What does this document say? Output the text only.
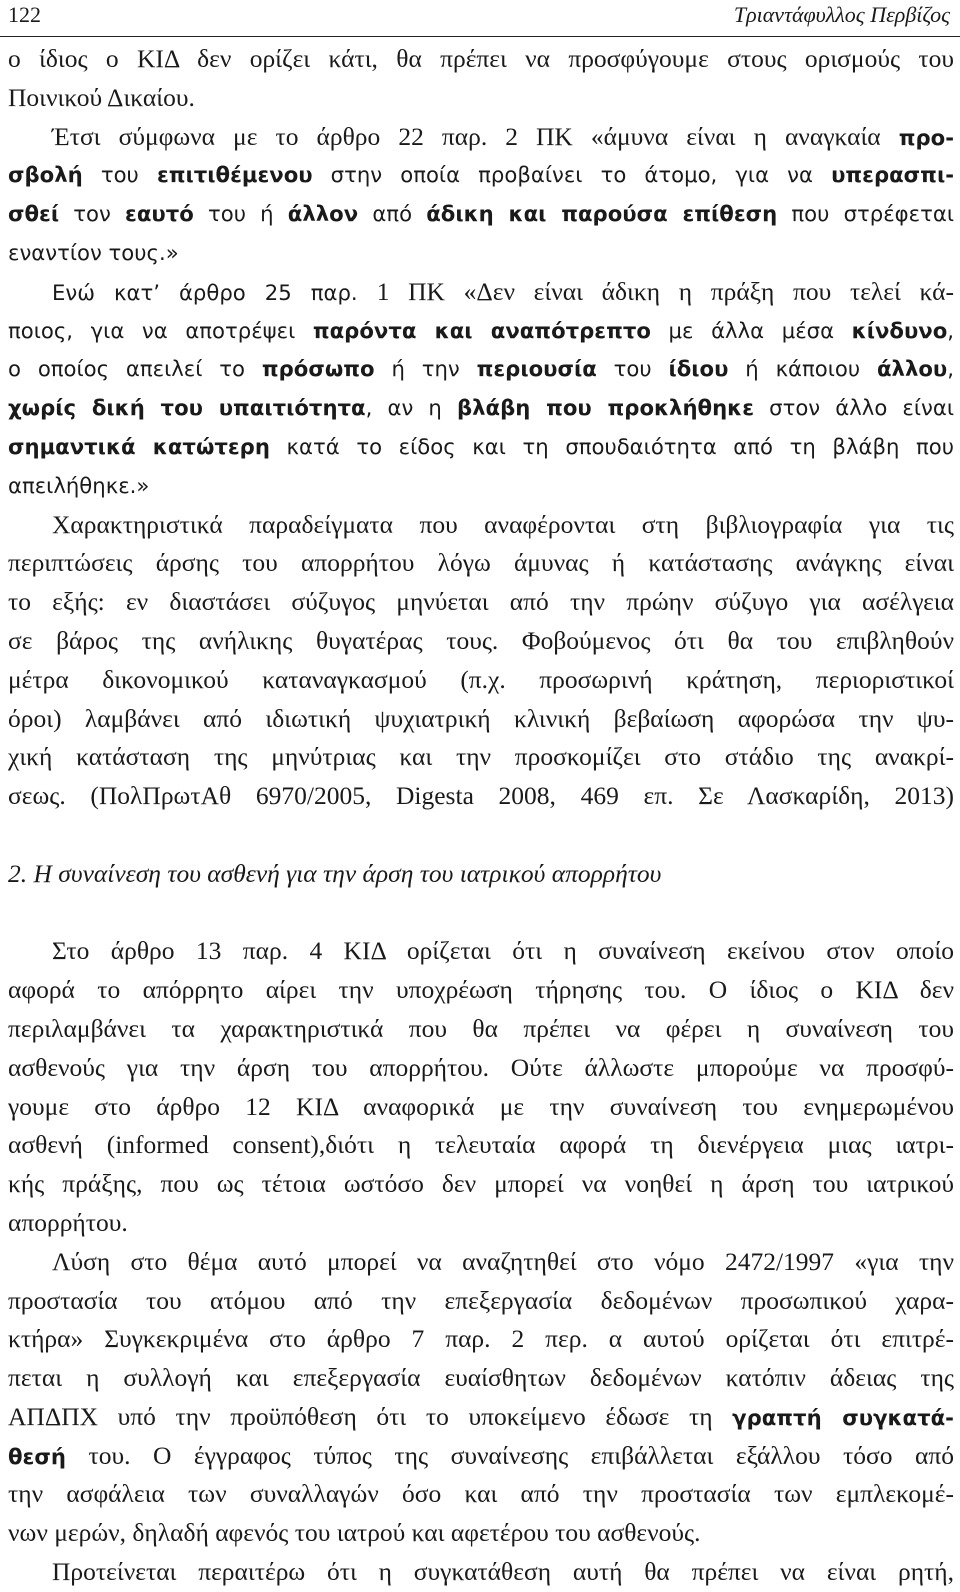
122	Τριαντάφυλλος Περβίζος
ο ίδιος ο ΚΙΔ δεν ορίζει κάτι, θα πρέπει να προσφύγουμε στους ορισμούς του
Ποινικού Δικαίου.
Έτσι σύμφωνα με το άρθρο 22 παρ. 2 ΠΚ «άμυνα είναι η αναγκαία προ-
σβολή του επιτιθέμενου στην οποία προβαίνει το άτομο, για να υπερασπι-
σθεί τον εαυτό του ή άλλον από άδικη και παρούσα επίθεση που στρέφεται
εναντίον τους.»
Ενώ κατ’ άρθρο 25 παρ. 1 ΠΚ «Δεν είναι άδικη η πράξη που τελεί κά-
ποιος, για να αποτρέψει παρόντα και αναπότρεπτο με άλλα μέσα κίνδυνο,
ο οποίος απειλεί το πρόσωπο ή την περιουσία του ίδιου ή κάποιου άλλου,
χωρίς δική του υπαιτιότητα, αν η βλάβη που προκλήθηκε στον άλλο είναι
σημαντικά κατώτερη κατά το είδος και τη σπουδαιότητα από τη βλάβη που
απειλήθηκε.»
Χαρακτηριστικά παραδείγματα που αναφέρονται στη βιβλιογραφία για τις
περιπτώσεις άρσης του απορρήτου λόγω άμυνας ή κατάστασης ανάγκης είναι
το εξής: εν διαστάσει σύζυγος μηνύεται από την πρώην σύζυγο για ασέλγεια
σε βάρος της ανήλικης θυγατέρας τους. Φοβούμενος ότι θα του επιβληθούν
μέτρα δικονομικού καταναγκασμού (π.χ. προσωρινή κράτηση, περιοριστικοί
όροι) λαμβάνει από ιδιωτική ψυχιατρική κλινική βεβαίωση αφορώσα την ψυ-
χική κατάσταση της μηνύτριας και την προσκομίζει στο στάδιο της ανακρί-
σεως. (ΠολΠρωτΑθ 6970/2005, Digesta 2008, 469 επ. Σε Λασκαρίδη, 2013)
2. Η συναίνεση του ασθενή για την άρση του ιατρικού απορρήτου
Στο άρθρο 13 παρ. 4 ΚΙΔ ορίζεται ότι η συναίνεση εκείνου στον οποίο
αφορά το απόρρητο αίρει την υποχρέωση τήρησης του. Ο ίδιος ο ΚΙΔ δεν
περιλαμβάνει τα χαρακτηριστικά που θα πρέπει να φέρει η συναίνεση του
ασθενούς για την άρση του απορρήτου. Ούτε άλλωστε μπορούμε να προσφύ-
γουμε στο άρθρο 12 ΚΙΔ αναφορικά με την συναίνεση του ενημερωμένου
ασθενή (informed consent),διότι η τελευταία αφορά τη διενέργεια μιας ιατρι-
κής πράξης, που ως τέτοια ωστόσο δεν μπορεί να νοηθεί η άρση του ιατρικού
απορρήτου.
Λύση στο θέμα αυτό μπορεί να αναζητηθεί στο νόμο 2472/1997 «για την
προστασία του ατόμου από την επεξεργασία δεδομένων προσωπικού χαρα-
κτήρα» Συγκεκριμένα στο άρθρο 7 παρ. 2 περ. α αυτού ορίζεται ότι επιτρέ-
πεται η συλλογή και επεξεργασία ευαίσθητων δεδομένων κατόπιν άδειας της
ΑΠΔΠΧ υπό την προϋπόθεση ότι το υποκείμενο έδωσε τη γραπτή συγκατά-
θεσή του. Ο έγγραφος τύπος της συναίνεσης επιβάλλεται εξάλλου τόσο από
την ασφάλεια των συναλλαγών όσο και από την προστασία των εμπλεκομέ-
νων μερών, δηλαδή αφενός του ιατρού και αφετέρου του ασθενούς.
Προτείνεται περαιτέρω ότι η συγκατάθεση αυτή θα πρέπει να είναι ρητή,
